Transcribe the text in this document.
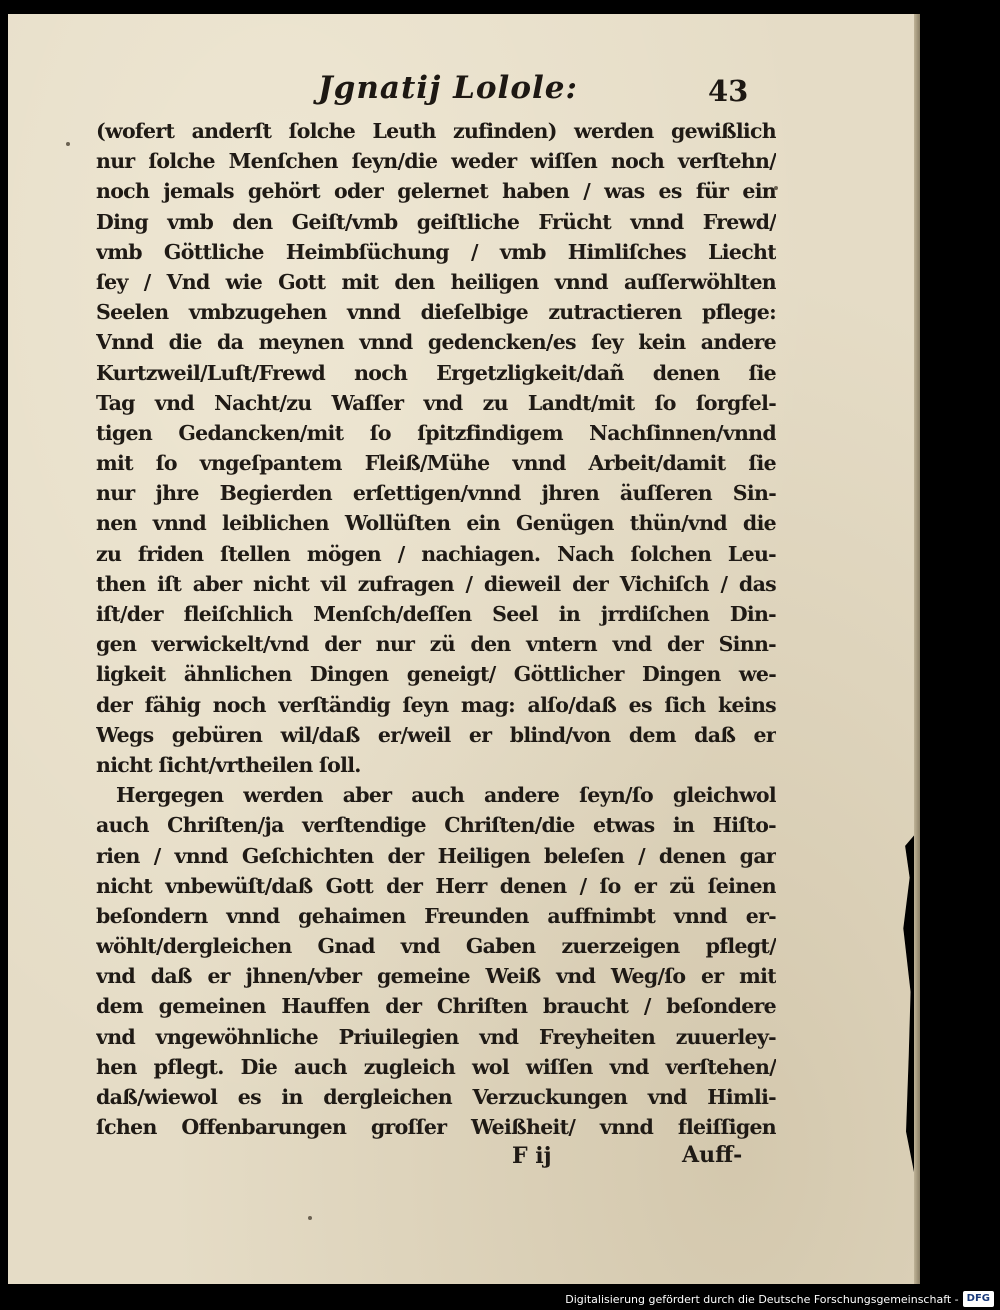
Jgnatij Lolole:	43
(wofert anderſt ſolche Leuth zufinden) werden gewißlich
nur ſolche Menſchen ſeyn/die weder wiſſen noch verſtehn/
noch jemals gehört oder gelernet haben / was es für ein
Ding vmb den Geiſt/vmb geiſtliche Frücht vnnd Frewd/
vmb Göttliche Heimbſüchung / vmb Himliſches Liecht
ſey / Vnd wie Gott mit den heiligen vnnd auſſerwöhlten
Seelen vmbzugehen vnnd dieſelbige zutractieren pflege:
Vnnd die da meynen vnnd gedencken/es ſey kein andere
Kurtzweil/Luſt/Frewd noch Ergetzligkeit/dañ denen ſie
Tag vnd Nacht/zu Waſſer vnd zu Landt/mit ſo ſorgfel-
tigen Gedancken/mit ſo ſpitzfindigem Nachſinnen/vnnd
mit ſo vngeſpantem Fleiß/Mühe vnnd Arbeit/damit ſie
nur jhre Begierden erſettigen/vnnd jhren äuſſeren Sin-
nen vnnd leiblichen Wollüſten ein Genügen thün/vnd die
zu friden ſtellen mögen / nachiagen. Nach ſolchen Leu-
then iſt aber nicht vil zufragen / dieweil der Vichiſch / das
iſt/der fleiſchlich Menſch/deſſen Seel in jrrdiſchen Din-
gen verwickelt/vnd der nur zü den vntern vnd der Sinn-
ligkeit ähnlichen Dingen geneigt/ Göttlicher Dingen we-
der fähig noch verſtändig ſeyn mag: alſo/daß es ſich keins
Wegs gebüren wil/daß er/weil er blind/von dem daß er
nicht ſicht/vrtheilen ſoll.
Hergegen werden aber auch andere ſeyn/ſo gleichwol
auch Chriſten/ja verſtendige Chriſten/die etwas in Hiſto-
rien / vnnd Geſchichten der Heiligen beleſen / denen gar
nicht vnbewüſt/daß Gott der Herr denen / ſo er zü ſeinen
beſondern vnnd gehaimen Freunden auffnimbt vnnd er-
wöhlt/dergleichen Gnad vnd Gaben zuerzeigen pflegt/
vnd daß er jhnen/vber gemeine Weiß vnd Weg/ſo er mit
dem gemeinen Hauffen der Chriſten braucht / beſondere
vnd vngewöhnliche Priuilegien vnd Freyheiten zuuerley-
hen pflegt. Die auch zugleich wol wiſſen vnd verſtehen/
daß/wiewol es in dergleichen Verzuckungen vnd Himli-
ſchen Offenbarungen groſſer Weißheit/ vnnd fleiſſigen
F ij	Auff-
Digitalisierung gefördert durch die Deutsche Forschungsgemeinschaft - DFG
